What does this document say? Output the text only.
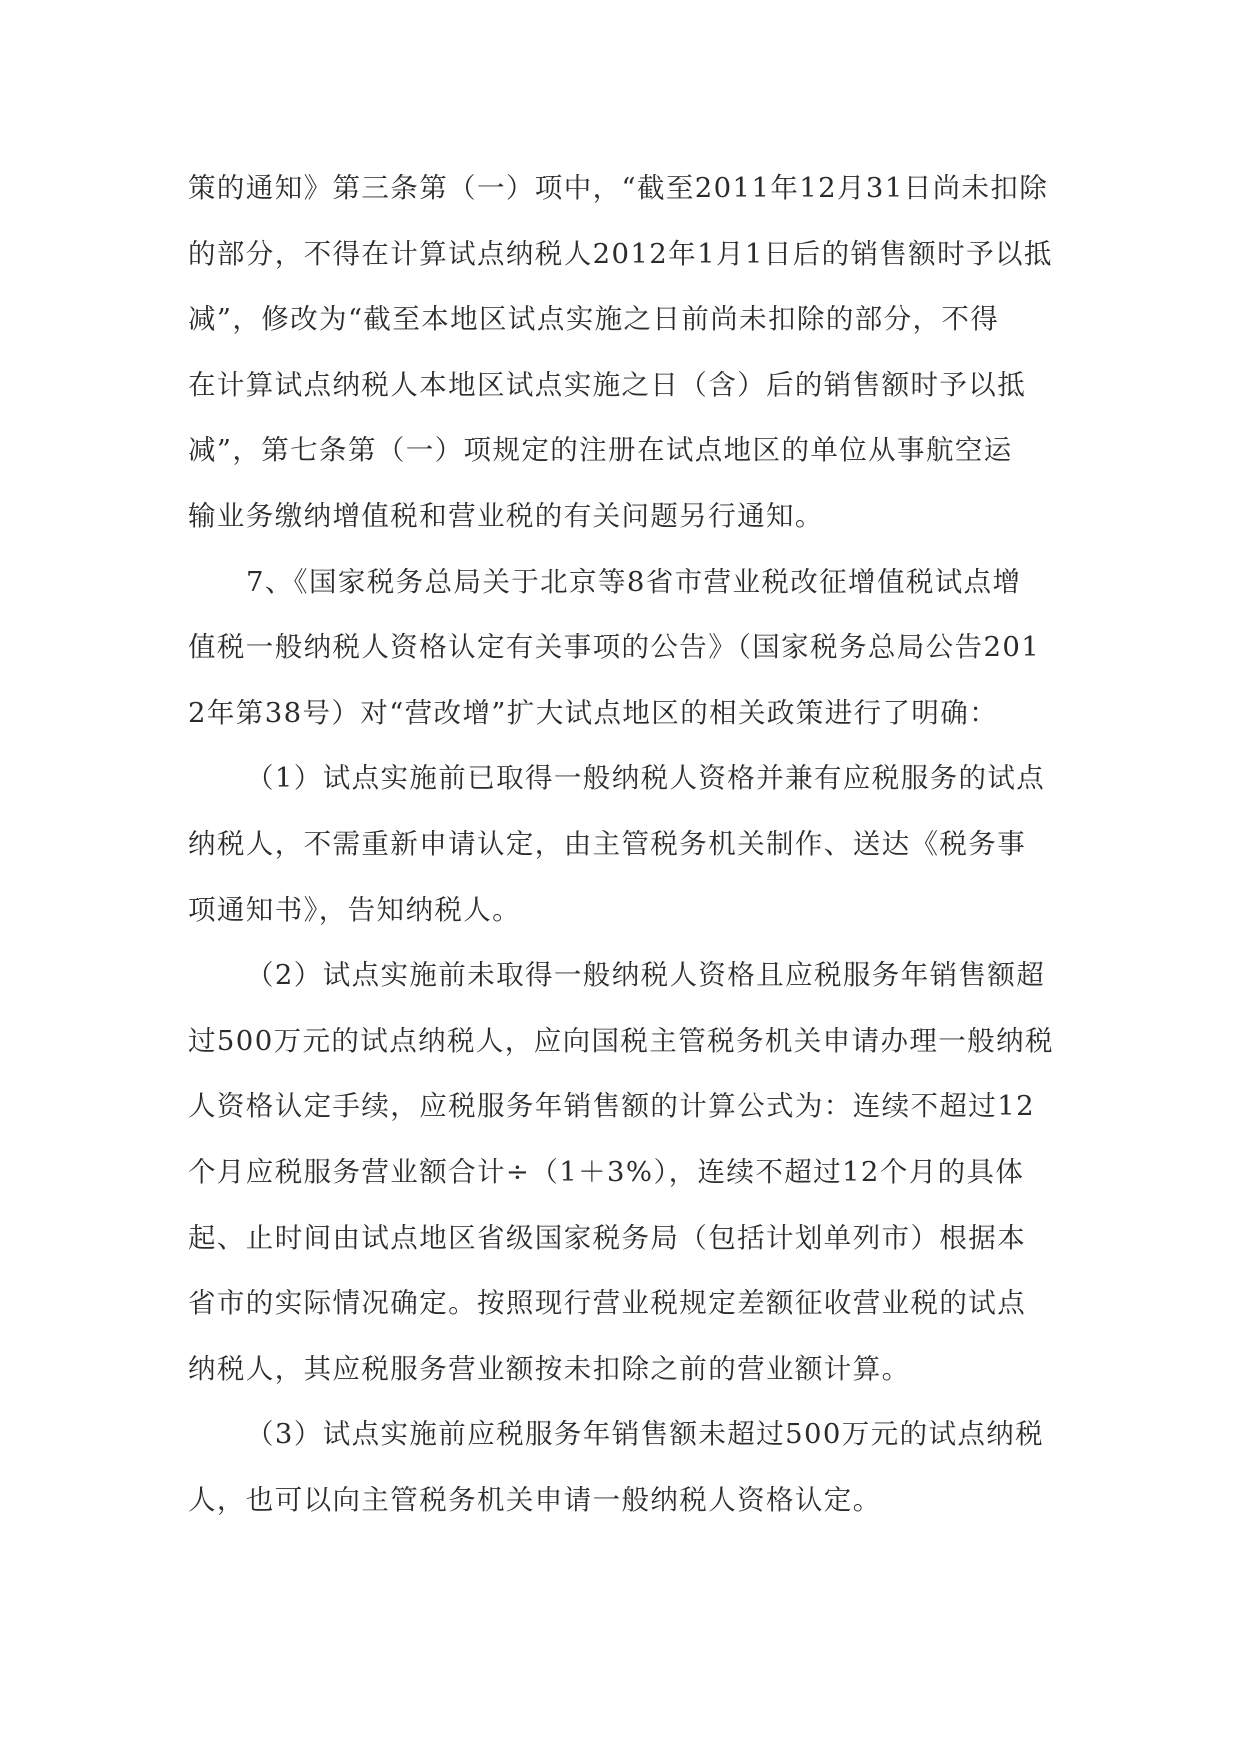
策的通知》第三条第（一）项中，“截至2011年12月31日尚未扣除
的部分，不得在计算试点纳税人2012年1月1日后的销售额时予以抵
减”，修改为“截至本地区试点实施之日前尚未扣除的部分，不得
在计算试点纳税人本地区试点实施之日（含）后的销售额时予以抵
减”，第七条第（一）项规定的注册在试点地区的单位从事航空运
输业务缴纳增值税和营业税的有关问题另行通知。
7、《国家税务总局关于北京等8省市营业税改征增值税试点增
值税一般纳税人资格认定有关事项的公告》（国家税务总局公告201
2年第38号）对“营改增”扩大试点地区的相关政策进行了明确：
（1）试点实施前已取得一般纳税人资格并兼有应税服务的试点
纳税人，不需重新申请认定，由主管税务机关制作、送达《税务事
项通知书》，告知纳税人。
（2）试点实施前未取得一般纳税人资格且应税服务年销售额超
过500万元的试点纳税人，应向国税主管税务机关申请办理一般纳税
人资格认定手续，应税服务年销售额的计算公式为：连续不超过12
个月应税服务营业额合计÷（1＋3%），连续不超过12个月的具体
起、止时间由试点地区省级国家税务局（包括计划单列市）根据本
省市的实际情况确定。按照现行营业税规定差额征收营业税的试点
纳税人，其应税服务营业额按未扣除之前的营业额计算。
（3）试点实施前应税服务年销售额未超过500万元的试点纳税
人，也可以向主管税务机关申请一般纳税人资格认定。
